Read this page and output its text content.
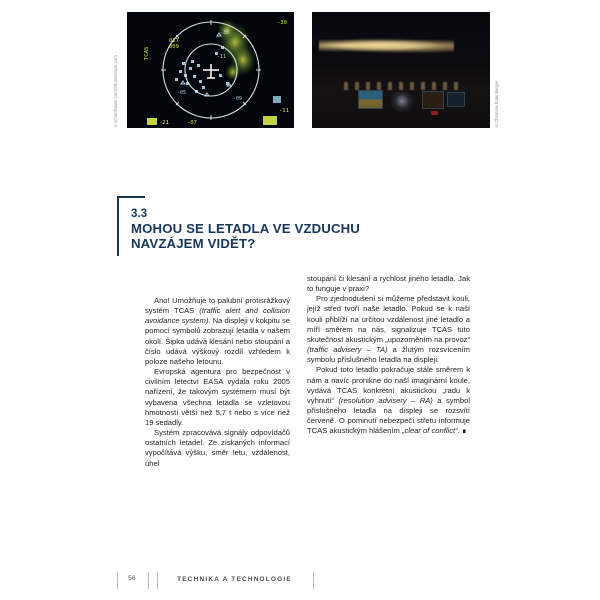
©schoolsaver.com/Shutterstock.com
017
009
-30
-11
-21	-07
-30
-11
-05
-09
TCAS
©Christina Eisenberger
3.3
MOHOU SE LETADLA VE VZDUCHU
NAVZÁJEM VIDĚT?

Ano! Umožňuje to palubní protisrážkový systém TCAS (traffic alert and collision avoidance system). Na displeji v kokpitu se pomocí symbolů zobrazují letadla v našem okolí. Šipka udává klesání nebo stoupání a číslo udává výškový rozdíl vzhledem k poloze našeho letounu.

Evropská agentura pro bezpečnost v civilním letectví EASA vydala roku 2005 nařízení, že takovým systémem musí být vybavena všechna letadla se vzletovou hmotností větší než 5,7 t nebo s více než 19 sedadly.

Systém zpracovává signály odpovídačů ostatních letadel. Ze získaných informací vypočítává výšku, směr letu, vzdálenost, úhel

stoupání či klesání a rychlost jiného letadla. Jak to funguje v praxi?

Pro zjednodušení si můžeme představit kouli, jejíž střed tvoří naše letadlo. Pokud se k naší kouli přiblíží na určitou vzdálenost jiné letadlo a míří směrem na nás, signalizuje TCAS tuto skutečnost akustickým „upozorněním na provoz“ (traffic advisery – TA) a žlutým rozsvícením symbolu příslušného letadla na displeji.

Pokud toto letadlo pokračuje stále směrem k nám a navíc pronikne do naší imaginární koule, vydává TCAS konkrétní akustickou „radu k vyhnutí“ (resolution advisery – RA) a symbol příslušného letadla na displeji se rozsvítí červeně. O pominutí nebezpečí střetu informuje TCAS akustickým hlášením „clear of conflict“. ∎

56	TECHNIKA A TECHNOLOGIE
